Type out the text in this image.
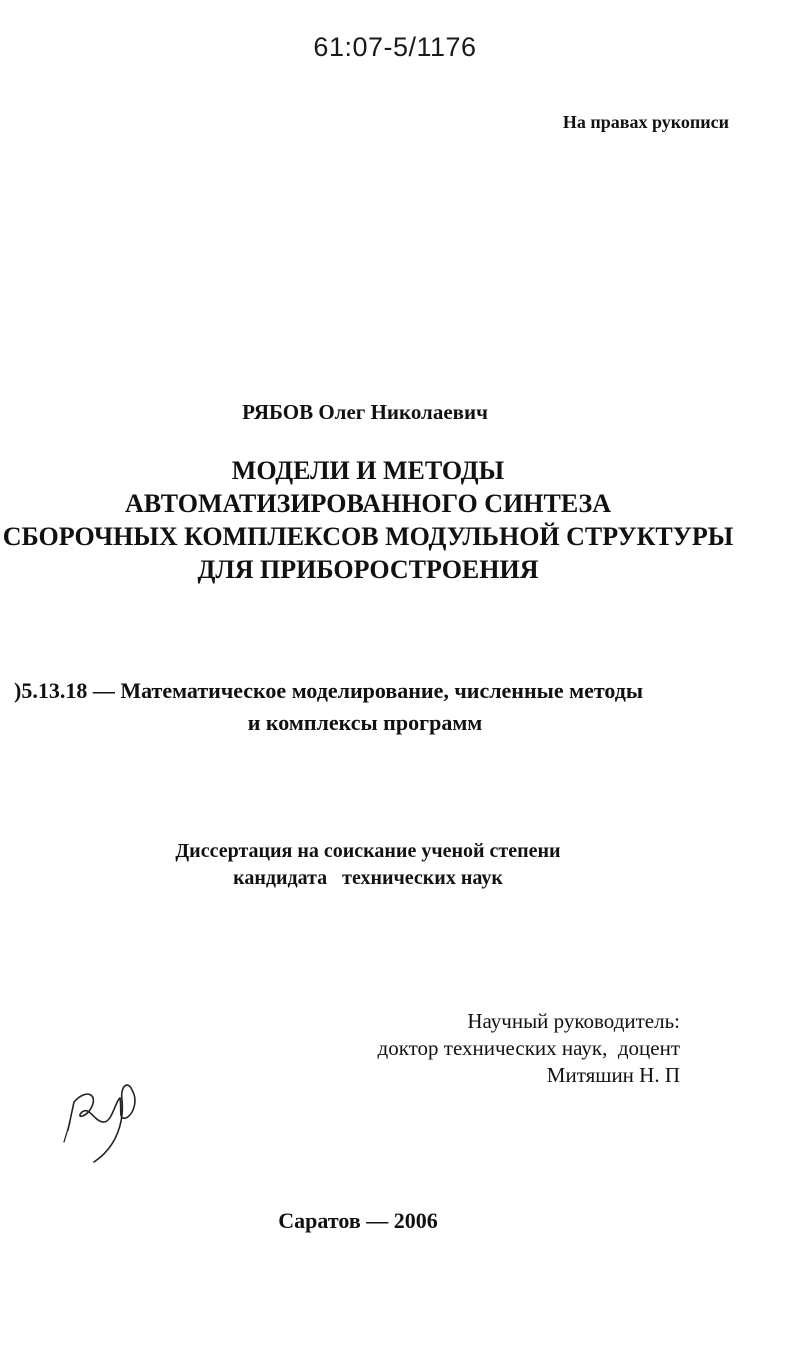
61:07-5/1176
На правах рукописи
РЯБОВ Олег Николаевич
МОДЕЛИ И МЕТОДЫ
АВТОМАТИЗИРОВАННОГО СИНТЕЗА
СБОРОЧНЫХ КОМПЛЕКСОВ МОДУЛЬНОЙ СТРУКТУРЫ
ДЛЯ ПРИБОРОСТРОЕНИЯ
)5.13.18 — Математическое моделирование, численные методы
и комплексы программ
Диссертация на соискание ученой степени
кандидата   технических наук
Научный руководитель:
доктор технических наук,  доцент
Митяшин Н. П
Саратов — 2006
